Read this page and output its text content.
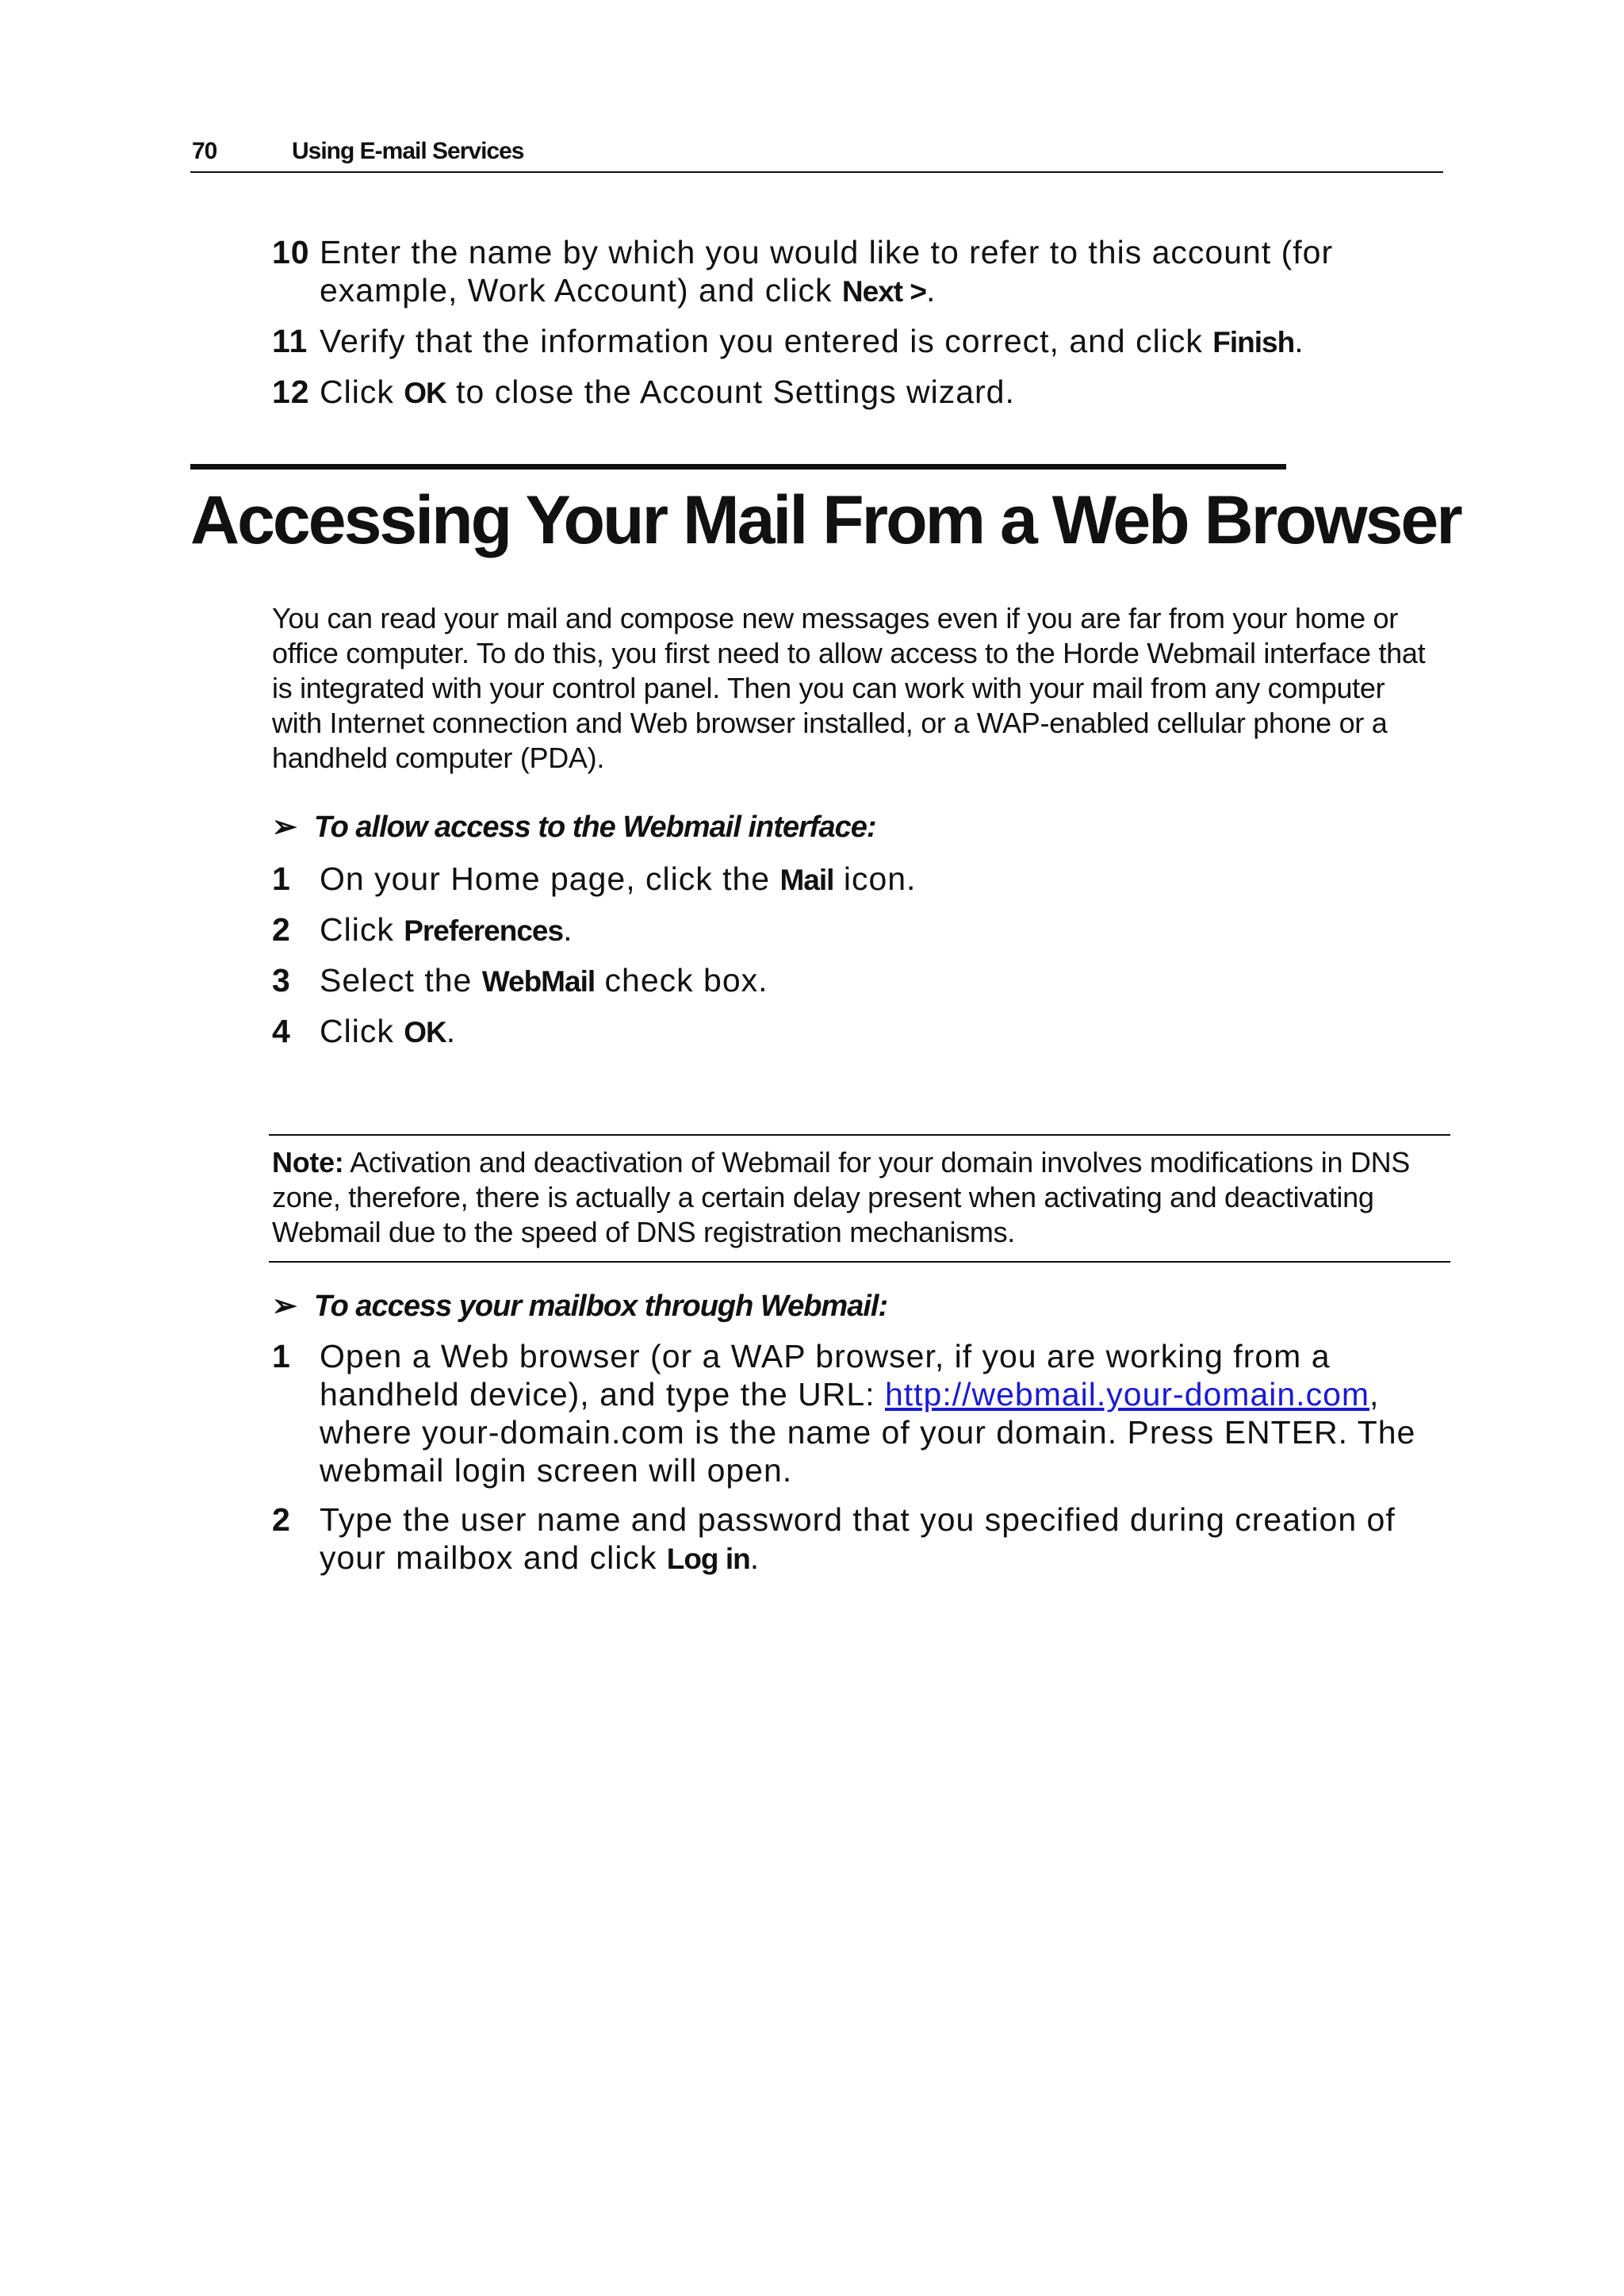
70	Using E-mail Services
10 Enter the name by which you would like to refer to this account (for example, Work Account) and click Next >.
11 Verify that the information you entered is correct, and click Finish.
12 Click OK to close the Account Settings wizard.
Accessing Your Mail From a Web Browser

You can read your mail and compose new messages even if you are far from your home or office computer. To do this, you first need to allow access to the Horde Webmail interface that is integrated with your control panel. Then you can work with your mail from any computer with Internet connection and Web browser installed, or a WAP-enabled cellular phone or a handheld computer (PDA).

➢ To allow access to the Webmail interface:

1 On your Home page, click the Mail icon.
2 Click Preferences.
3 Select the WebMail check box.
4 Click OK.
Note: Activation and deactivation of Webmail for your domain involves modifications in DNS zone, therefore, there is actually a certain delay present when activating and deactivating Webmail due to the speed of DNS registration mechanisms.

➢ To access your mailbox through Webmail:

1 Open a Web browser (or a WAP browser, if you are working from a handheld device), and type the URL: http://webmail.your-domain.com, where your-domain.com is the name of your domain. Press ENTER. The webmail login screen will open.
2 Type the user name and password that you specified during creation of your mailbox and click Log in.
